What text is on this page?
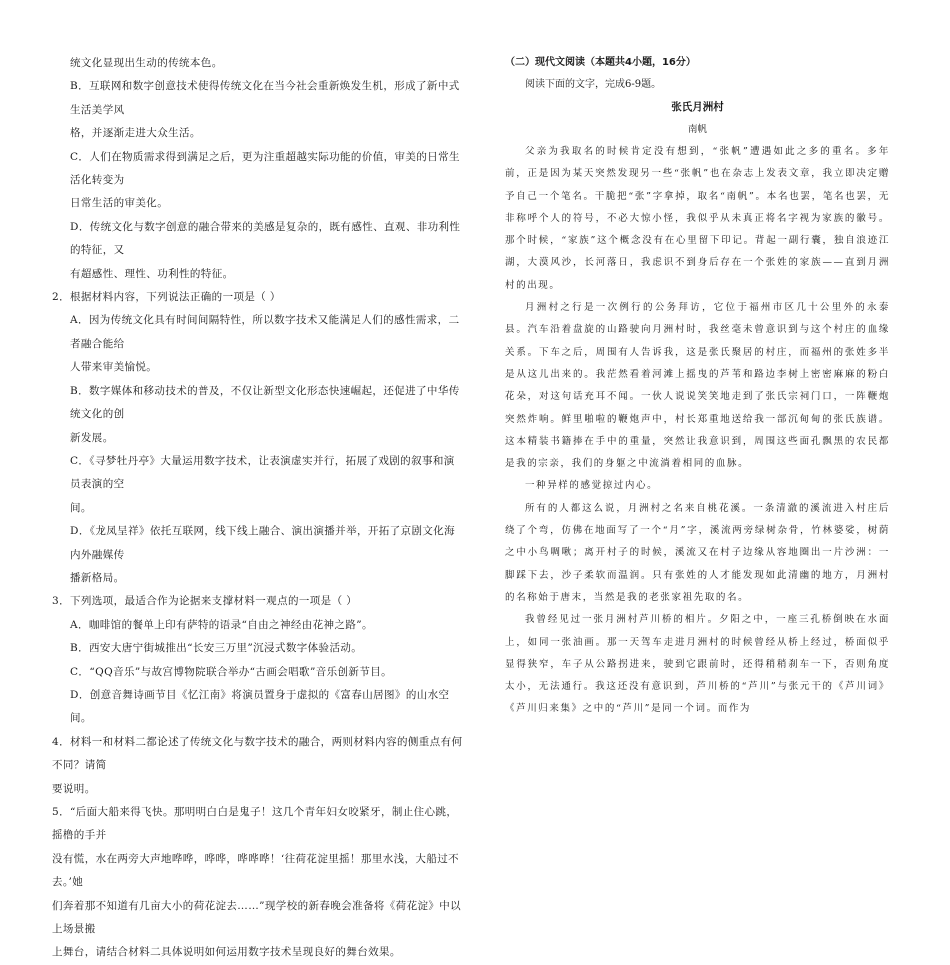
统文化显现出生动的传统本色。

B．互联网和数字创意技术使得传统文化在当今社会重新焕发生机，形成了新中式生活美学风

格，并逐渐走进大众生活。

C．人们在物质需求得到满足之后，更为注重超越实际功能的价值，审美的日常生活化转变为

日常生活的审美化。

D．传统文化与数字创意的融合带来的美感是复杂的，既有感性、直观、非功利性的特征，又

有超感性、理性、功利性的特征。

2．根据材料内容，下列说法正确的一项是（ ）

A．因为传统文化具有时间间隔特性，所以数字技术又能满足人们的感性需求，二者融合能给

人带来审美愉悦。

B．数字媒体和移动技术的普及，不仅让新型文化形态快速崛起，还促进了中华传统文化的创

新发展。

C．《寻梦牡丹亭》大量运用数字技术，让表演虚实并行，拓展了戏剧的叙事和演员表演的空

间。

D．《龙凤呈祥》依托互联网，线下线上融合、演出演播并举，开拓了京剧文化海内外融媒传

播新格局。

3．下列选项，最适合作为论据来支撑材料一观点的一项是（ ）

A．咖啡馆的餐单上印有萨特的语录“自由之神经由花神之路”。

B．西安大唐宁街城推出“长安三万里”沉浸式数字体验活动。

C．“QQ音乐”与故宫博物院联合举办“古画会唱歌”音乐创新节目。

D．创意音舞诗画节目《忆江南》将演员置身于虚拟的《富春山居图》的山水空间。

4．材料一和材料二都论述了传统文化与数字技术的融合，两则材料内容的侧重点有何不同？请简

要说明。

5．“后面大船来得飞快。那明明白白是鬼子！这几个青年妇女咬紧牙，制止住心跳，摇橹的手并

没有慌，水在两旁大声地哗哗，哗哗，哗哗哗！‘往荷花淀里摇！那里水浅，大船过不去。’她

们奔着那不知道有几亩大小的荷花淀去……”现学校的新春晚会准备将《荷花淀》中以上场景搬

上舞台，请结合材料二具体说明如何运用数字技术呈现良好的舞台效果。

（二）现代文阅读（本题共4小题，16分）

阅读下面的文字，完成6-9题。

张氏月洲村

南帆

父亲为我取名的时候肯定没有想到，“张帆”遭遇如此之多的重名。多年前，正是因为某天突然发现另一些“张帆”也在杂志上发表文章，我立即决定赠予自己一个笔名。干脆把“张”字拿掉，取名“南帆”。本名也罢，笔名也罢，无非称呼个人的符号，不必大惊小怪，我似乎从未真正将名字视为家族的徽号。那个时候，“家族”这个概念没有在心里留下印记。背起一副行囊，独自浪迹江湖，大漠风沙，长河落日，我虑识不到身后存在一个张姓的家族——直到月洲村的出现。

月洲村之行是一次例行的公务拜访，它位于福州市区几十公里外的永泰县。汽车沿着盘旋的山路驶向月洲村时，我丝毫未曾意识到与这个村庄的血缘关系。下车之后，周围有人告诉我，这是张氏聚居的村庄，而福州的张姓多半是从这儿出来的。我茫然看着河滩上摇曳的芦苇和路边李树上密密麻麻的粉白花朵，对这句话充耳不闻。一伙人说说笑笑地走到了张氏宗祠门口，一阵鞭炮突然炸响。鲜里啪啦的鞭炮声中，村长郑重地送给我一部沉甸甸的张氏族谱。这本精装书籍捧在手中的重量，突然让我意识到，周围这些面孔飘黑的农民都是我的宗亲，我们的身躯之中流淌着相同的血脉。

一种异样的感觉掠过内心。

所有的人都这么说，月洲村之名来自桃花溪。一条清澈的溪流进入村庄后绕了个弯，仿佛在地面写了一个“月”字，溪流两旁绿树杂骨，竹林婆娑，树荫之中小鸟啁啾；离开村子的时候，溪流又在村子边缘从容地圈出一片沙洲：一脚踩下去，沙子柔软而温润。只有张姓的人才能发现如此清幽的地方，月洲村的名称始于唐末，当然是我的老张家祖先取的名。

我曾经见过一张月洲村芦川桥的相片。夕阳之中，一座三孔桥倒映在水面上，如同一张油画。那一天驾车走进月洲村的时候曾经从桥上经过，桥面似乎显得狭窄，车子从公路拐进来，驶到它跟前时，还得稍稍刹车一下，否则角度太小，无法通行。我这还没有意识到，芦川桥的“芦川”与张元干的《芦川词》《芦川归来集》之中的“芦川”是同一个词。而作为
